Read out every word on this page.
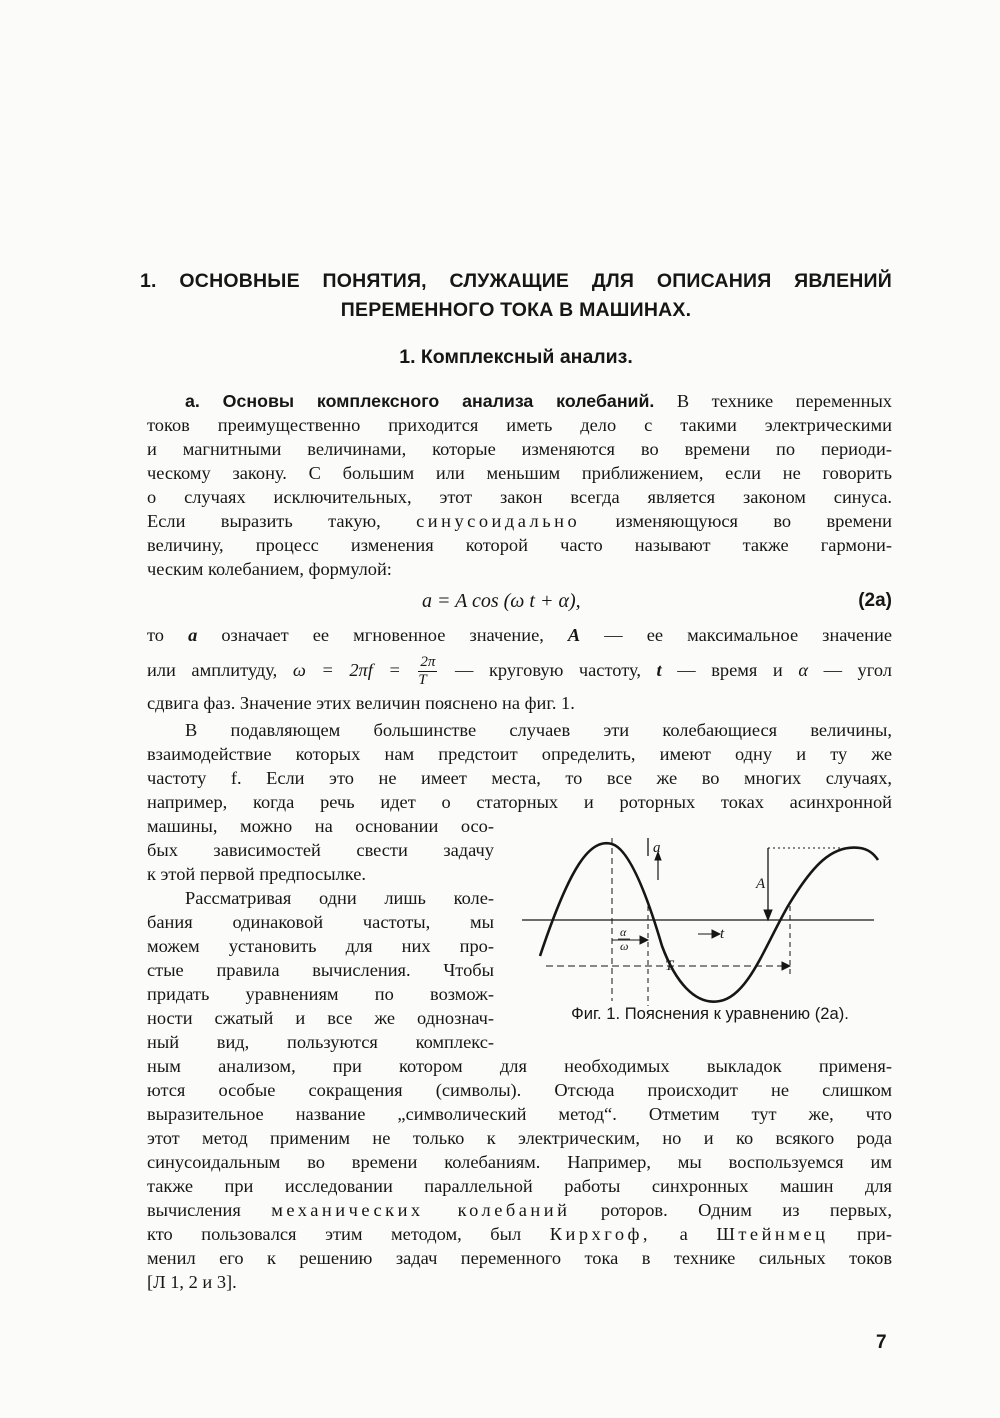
1. ОСНОВНЫЕ ПОНЯТИЯ, СЛУЖАЩИЕ ДЛЯ ОПИСАНИЯ ЯВЛЕНИЙ
ПЕРЕМЕННОГО ТОКА В МАШИНАХ.
1. Комплексный анализ.
а. Основы комплексного анализа колебаний. В технике переменных
токов преимущественно приходится иметь дело с такими электрическими
и магнитными величинами, которые изменяются во времени по периоди-
ческому закону. С большим или меньшим приближением, если не говорить
о случаях исключительных, этот закон всегда является законом синуса.
Если выразить такую, синусоидально изменяющуюся во времени
величину, процесс изменения которой часто называют также гармони-
ческим колебанием, формулой:
a = A cos (ω t + α),	(2а)
то a означает ее мгновенное значение, A — ее максимальное значение
или амплитуду, $\omega = 2\pi f = \frac{2\pi}{T}$ — круговую частоту, t — время и α — угол
сдвига фаз. Значение этих величин пояснено на фиг. 1.
В подавляющем большинстве случаев эти колебающиеся величины,
взаимодействие которых нам предстоит определить, имеют одну и ту же
частоту f. Если это не имеет места, то все же во многих случаях,
например, когда речь идет о статорных и роторных токах асинхронной
машины, можно на основании осо-
бых зависимостей свести задачу
к этой первой предпосылке.
Рассматривая одни лишь коле-
бания одинаковой частоты, мы
можем установить для них про-
стые правила вычисления. Чтобы
придать уравнениям по возмож-
ности сжатый и все же однознач-
ный вид, пользуются комплекс-
ным анализом, при котором для необходимых выкладок применя-
ются особые сокращения (символы). Отсюда происходит не слишком
выразительное название „символический метод“. Отметим тут же, что
этот метод применим не только к электрическим, но и ко всякого рода
синусоидальным во времени колебаниям. Например, мы воспользуемся им
также при исследовании параллельной работы синхронных машин для
вычисления механических колебаний роторов. Одним из первых,
кто пользовался этим методом, был Кирхгоф, а Штейнмец при-
менил его к решению задач переменного тока в технике сильных токов
[Л 1, 2 и 3].
a
A
t
T
α
ω
Фиг. 1. Пояснения к уравнению (2а).
7
